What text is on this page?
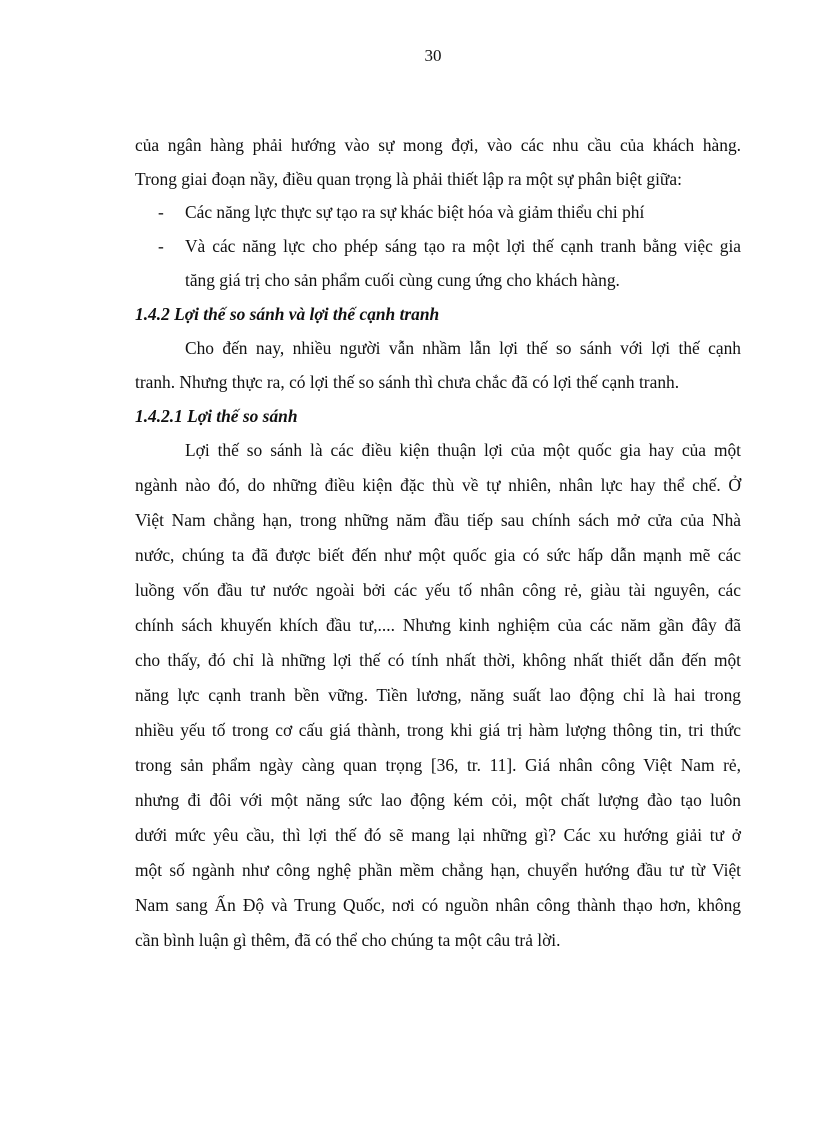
30
của ngân hàng phải hướng vào sự mong đợi, vào các nhu cầu của khách hàng.
Trong giai đoạn nầy, điều quan trọng là phải thiết lập ra một sự phân biệt giữa:
- Các năng lực thực sự tạo ra sự khác biệt hóa và giảm thiểu chi phí
- Và các năng lực cho phép sáng tạo ra một lợi thế cạnh tranh bằng việc gia
tăng giá trị cho sản phẩm cuối cùng cung ứng cho khách hàng.
1.4.2 Lợi thế so sánh và lợi thế cạnh tranh
Cho đến nay, nhiều người vẫn nhầm lẫn lợi thế so sánh với lợi thế cạnh
tranh. Nhưng thực ra, có lợi thế so sánh thì chưa chắc đã có lợi thế cạnh tranh.
1.4.2.1 Lợi thế so sánh
Lợi thế so sánh là các điều kiện thuận lợi của một quốc gia hay của một
ngành nào đó, do những điều kiện đặc thù về tự nhiên, nhân lực hay thể chế. Ở
Việt Nam chẳng hạn, trong những năm đầu tiếp sau chính sách mở cửa của Nhà
nước, chúng ta đã được biết đến như một quốc gia có sức hấp dẫn mạnh mẽ các
luồng vốn đầu tư nước ngoài bởi các yếu tố nhân công rẻ, giàu tài nguyên, các
chính sách khuyến khích đầu tư,.... Nhưng kinh nghiệm của các năm gần đây đã
cho thấy, đó chỉ là những lợi thế có tính nhất thời, không nhất thiết dẫn đến một
năng lực cạnh tranh bền vững. Tiền lương, năng suất lao động chỉ là hai trong
nhiều yếu tố trong cơ cấu giá thành, trong khi giá trị hàm lượng thông tin, tri thức
trong sản phẩm ngày càng quan trọng [36, tr. 11]. Giá nhân công Việt Nam rẻ,
nhưng đi đôi với một năng sức lao động kém cỏi, một chất lượng đào tạo luôn
dưới mức yêu cầu, thì lợi thế đó sẽ mang lại những gì? Các xu hướng giải tư ở
một số ngành như công nghệ phần mềm chẳng hạn, chuyển hướng đầu tư từ Việt
Nam sang Ấn Độ và Trung Quốc, nơi có nguồn nhân công thành thạo hơn, không
cần bình luận gì thêm, đã có thể cho chúng ta một câu trả lời.
